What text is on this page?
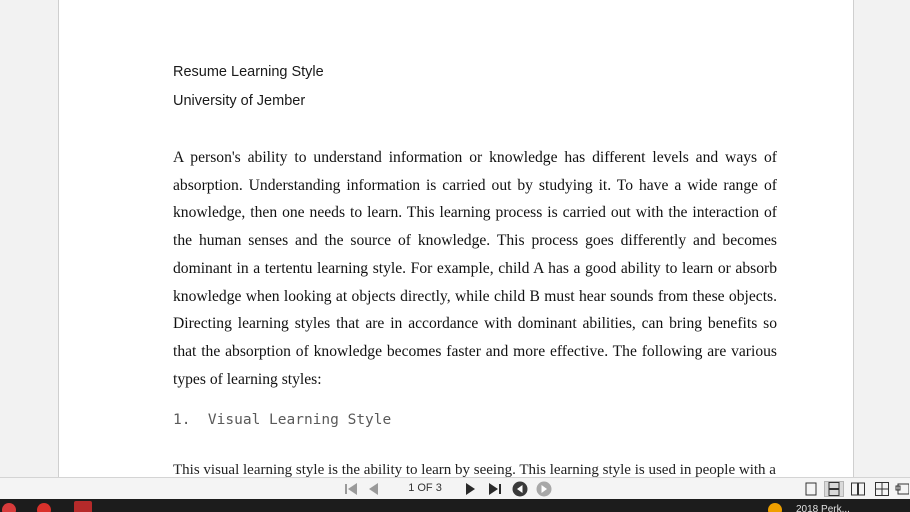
Resume Learning Style
University of Jember
A person's ability to understand information or knowledge has different levels and ways of absorption. Understanding information is carried out by studying it. To have a wide range of knowledge, then one needs to learn. This learning process is carried out with the interaction of the human senses and the source of knowledge. This process goes differently and becomes dominant in a tertentu learning style. For example, child A has a good ability to learn or absorb knowledge when looking at objects directly, while child B must hear sounds from these objects. Directing learning styles that are in accordance with dominant abilities, can bring benefits so that the absorption of knowledge becomes faster and more effective. The following are various types of learning styles:
1.  Visual Learning Style
This visual learning style is the ability to learn by seeing. This learning style is used in people with a
1 OF 3
2018 Perk...
